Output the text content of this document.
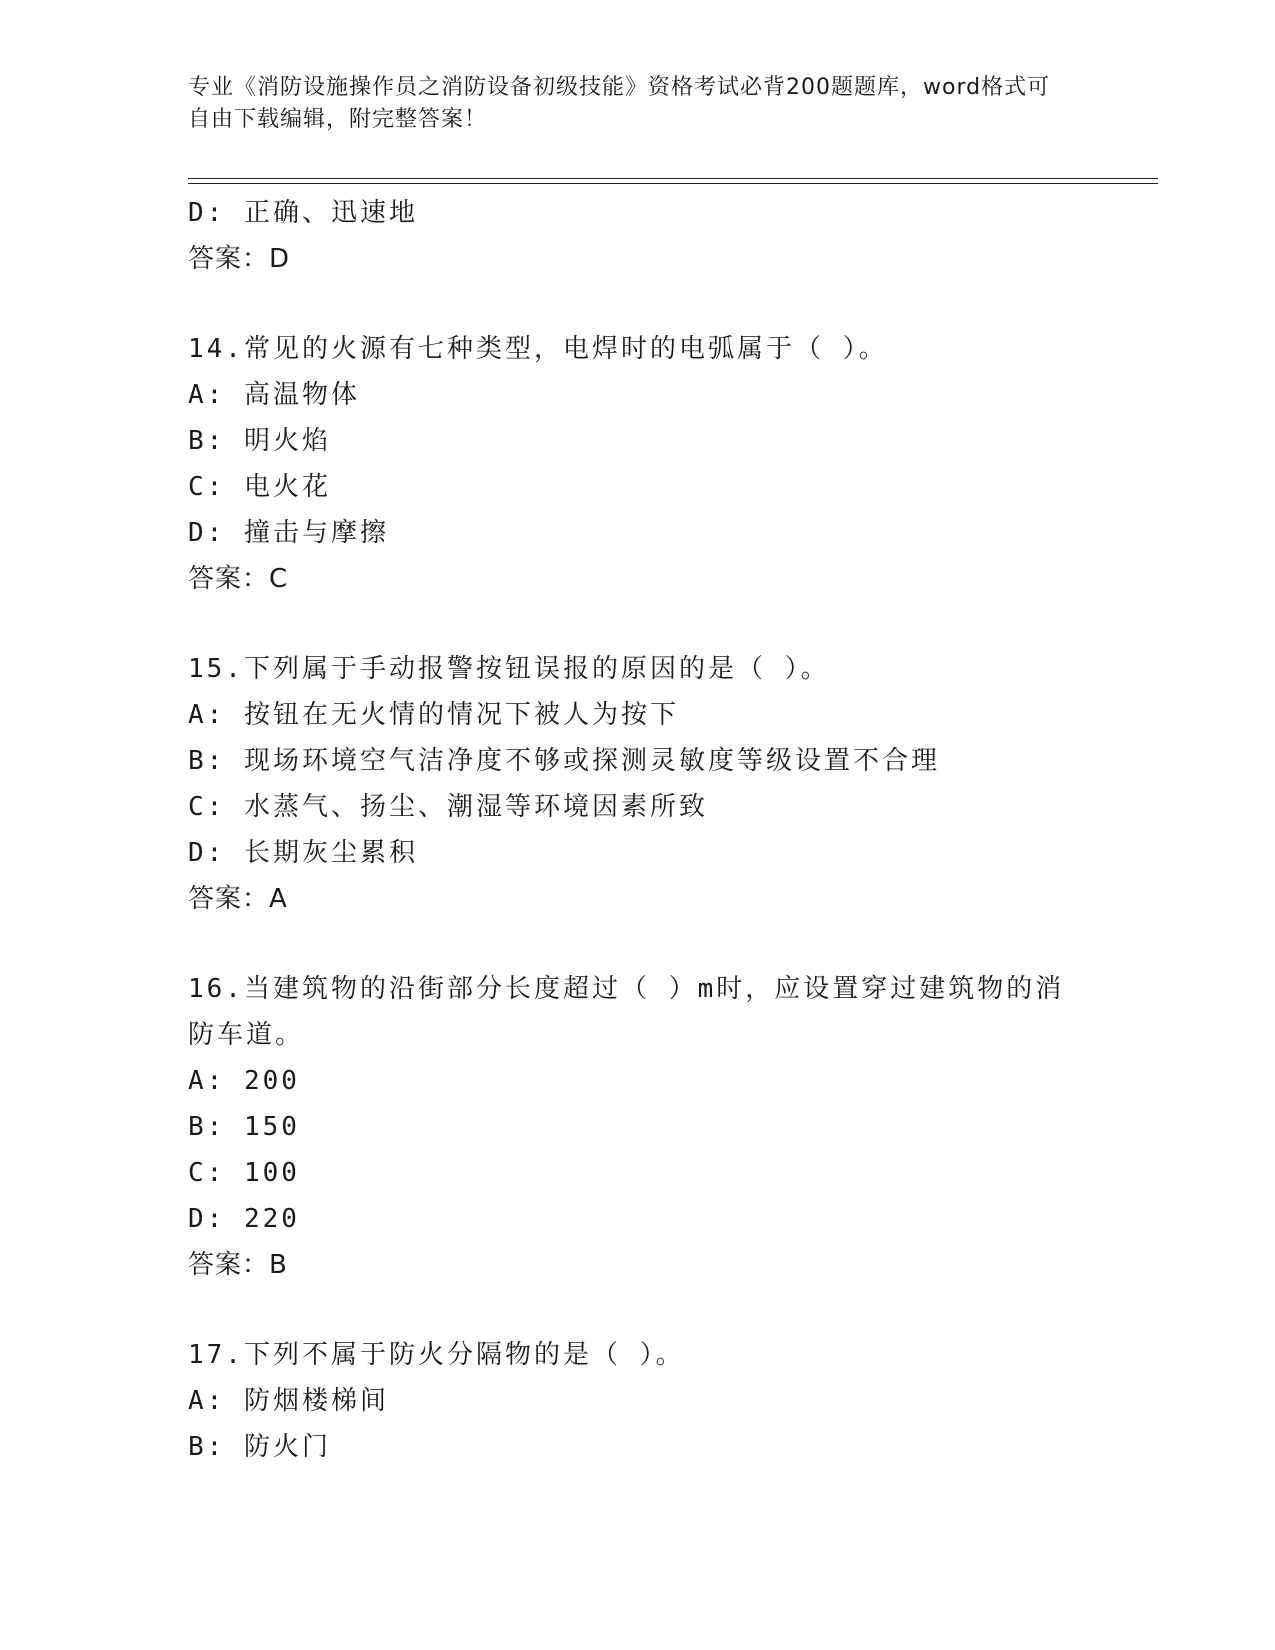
专业《消防设施操作员之消防设备初级技能》资格考试必背200题题库，word格式可自由下载编辑，附完整答案！
D: 正确、迅速地
答案：D
14.常见的火源有七种类型，电焊时的电弧属于（ ）。
A: 高温物体
B: 明火焰
C: 电火花
D: 撞击与摩擦
答案：C
15.下列属于手动报警按钮误报的原因的是（ ）。
A: 按钮在无火情的情况下被人为按下
B: 现场环境空气洁净度不够或探测灵敏度等级设置不合理
C: 水蒸气、扬尘、潮湿等环境因素所致
D: 长期灰尘累积
答案：A
16.当建筑物的沿街部分长度超过（ ）m时，应设置穿过建筑物的消防车道。
A: 200
B: 150
C: 100
D: 220
答案：B
17.下列不属于防火分隔物的是（ ）。
A: 防烟楼梯间
B: 防火门
